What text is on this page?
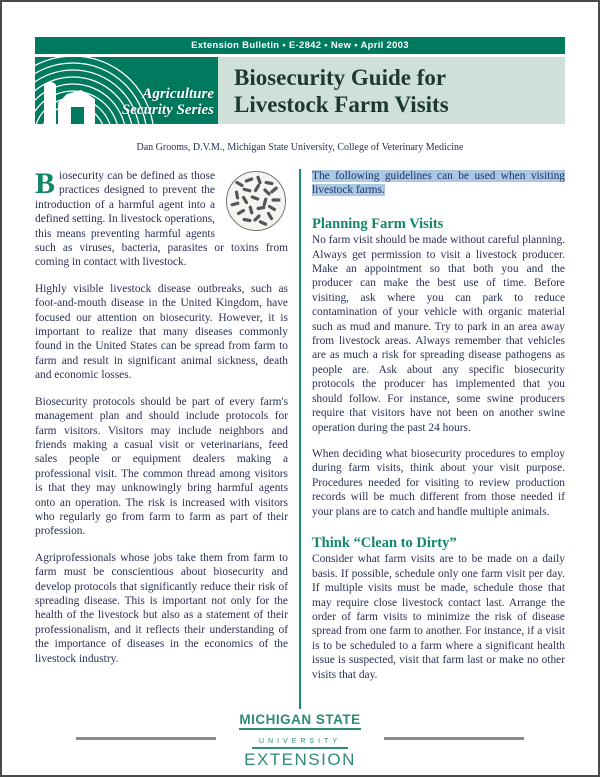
Extension Bulletin • E-2842 • New • April 2003
Agriculture
Security Series
Biosecurity Guide for
Livestock Farm Visits
Dan Grooms, D.V.M., Michigan State University, College of Veterinary Medicine

Biosecurity can be defined as those practices designed to prevent the introduction of a harmful agent into a defined setting. In livestock operations, this means preventing harmful agents such as viruses, bacteria, parasites or toxins from coming in contact with livestock.

Highly visible livestock disease outbreaks, such as foot-and-mouth disease in the United Kingdom, have focused our attention on biosecurity. However, it is important to realize that many diseases commonly found in the United States can be spread from farm to farm and result in significant animal sickness, death and economic losses.

Biosecurity protocols should be part of every farm's management plan and should include protocols for farm visitors. Visitors may include neighbors and friends making a casual visit or veterinarians, feed sales people or equipment dealers making a professional visit. The common thread among visitors is that they may unknowingly bring harmful agents onto an operation. The risk is increased with visitors who regularly go from farm to farm as part of their profession.

Agriprofessionals whose jobs take them from farm to farm must be conscientious about biosecurity and develop protocols that significantly reduce their risk of spreading disease. This is important not only for the health of the livestock but also as a statement of their professionalism, and it reflects their understanding of the importance of diseases in the economics of the livestock industry.

The following guidelines can be used when visiting livestock farms.

Planning Farm Visits

No farm visit should be made without careful planning. Always get permission to visit a livestock producer. Make an appointment so that both you and the producer can make the best use of time. Before visiting, ask where you can park to reduce contamination of your vehicle with organic material such as mud and manure. Try to park in an area away from livestock areas. Always remember that vehicles are as much a risk for spreading disease pathogens as people are. Ask about any specific biosecurity protocols the producer has implemented that you should follow. For instance, some swine producers require that visitors have not been on another swine operation during the past 24 hours.

When deciding what biosecurity procedures to employ during farm visits, think about your visit purpose. Procedures needed for visiting to review production records will be much different from those needed if your plans are to catch and handle multiple animals.

Think “Clean to Dirty”

Consider what farm visits are to be made on a daily basis. If possible, schedule only one farm visit per day. If multiple visits must be made, schedule those that may require close livestock contact last. Arrange the order of farm visits to minimize the risk of disease spread from one farm to another. For instance, if a visit is to be scheduled to a farm where a significant health issue is suspected, visit that farm last or make no other visits that day.

MICHIGAN STATE
UNIVERSITY
EXTENSION
